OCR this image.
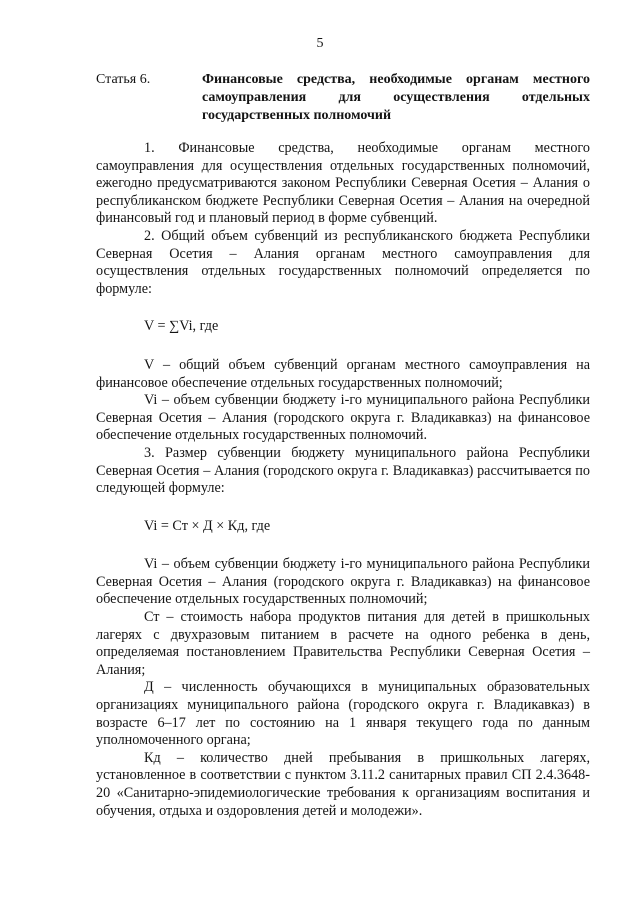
5
Статья 6.	Финансовые средства, необходимые органам местного самоуправления для осуществления отдельных государственных полномочий

1. Финансовые средства, необходимые органам местного самоуправления для осуществления отдельных государственных полномочий, ежегодно предусматриваются законом Республики Северная Осетия – Алания о республиканском бюджете Республики Северная Осетия – Алания на очередной финансовый год и плановый период в форме субвенций.

2. Общий объем субвенций из республиканского бюджета Республики Северная Осетия – Алания органам местного самоуправления для осуществления отдельных государственных полномочий определяется по формуле:

V = ∑Vi, где

V – общий объем субвенций органам местного самоуправления на финансовое обеспечение отдельных государственных полномочий;

Vi – объем субвенции бюджету i-го муниципального района Республики Северная Осетия – Алания (городского округа г. Владикавказ) на финансовое обеспечение отдельных государственных полномочий.

3. Размер субвенции бюджету муниципального района Республики Северная Осетия – Алания (городского округа г. Владикавказ) рассчитывается по следующей формуле:

Vi = Ст × Д × Кд, где

Vi – объем субвенции бюджету i-го муниципального района Республики Северная Осетия – Алания (городского округа г. Владикавказ) на финансовое обеспечение отдельных государственных полномочий;

Ст – стоимость набора продуктов питания для детей в пришкольных лагерях с двухразовым питанием в расчете на одного ребенка в день, определяемая постановлением Правительства Республики Северная Осетия – Алания;

Д – численность обучающихся в муниципальных образовательных организациях муниципального района (городского округа г. Владикавказ) в возрасте 6–17 лет по состоянию на 1 января текущего года по данным уполномоченного органа;

Кд – количество дней пребывания в пришкольных лагерях, установленное в соответствии с пунктом 3.11.2 санитарных правил СП 2.4.3648-20 «Санитарно-эпидемиологические требования к организациям воспитания и обучения, отдыха и оздоровления детей и молодежи».
